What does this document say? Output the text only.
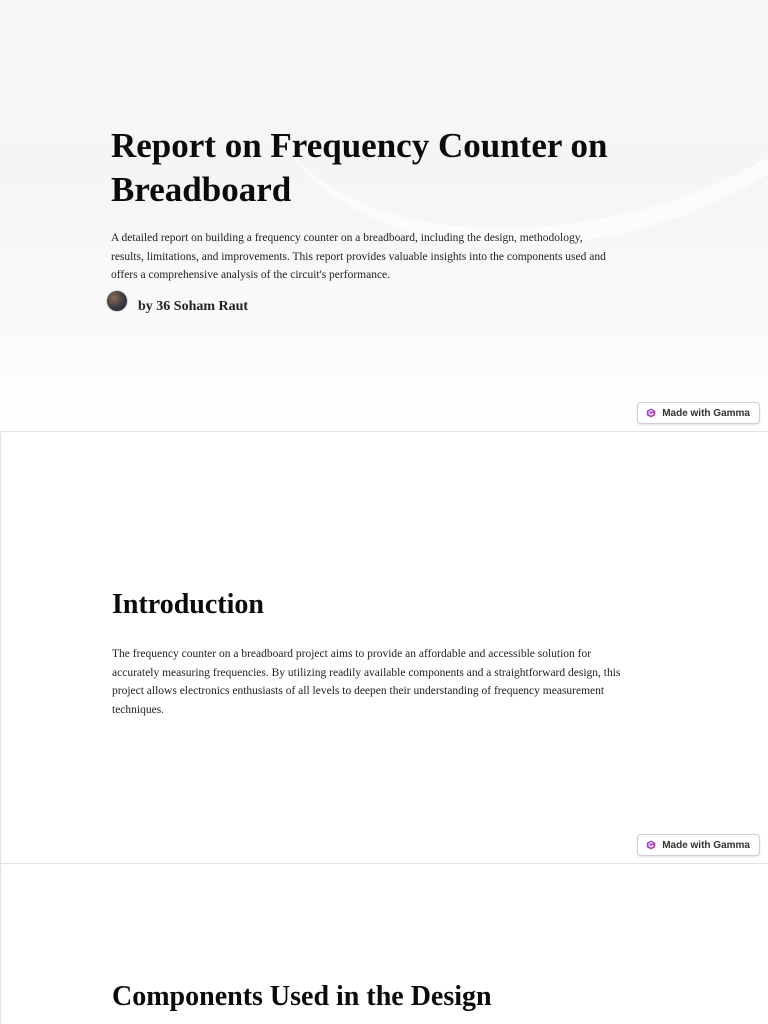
Report on Frequency Counter on Breadboard

A detailed report on building a frequency counter on a breadboard, including the design, methodology, results, limitations, and improvements. This report provides valuable insights into the components used and offers a comprehensive analysis of the circuit's performance.

by 36 Soham Raut
Made with Gamma
Introduction

The frequency counter on a breadboard project aims to provide an affordable and accessible solution for accurately measuring frequencies. By utilizing readily available components and a straightforward design, this project allows electronics enthusiasts of all levels to deepen their understanding of frequency measurement techniques.

Made with Gamma
Components Used in the Design
